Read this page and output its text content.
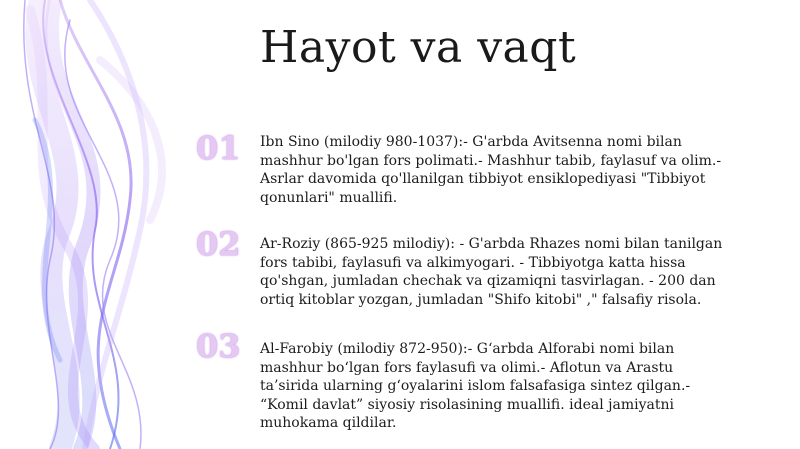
Hayot va vaqt
01	Ibn Sino (milodiy 980-1037):- G'arbda Avitsenna nomi bilan mashhur bo'lgan fors polimati.- Mashhur tabib, faylasuf va olim.- Asrlar davomida qo'llanilgan tibbiyot ensiklopediyasi "Tibbiyot qonunlari" muallifi.
02	Ar-Roziy (865-925 milodiy): - G'arbda Rhazes nomi bilan tanilgan fors tabibi, faylasufi va alkimyogari. - Tibbiyotga katta hissa qo'shgan, jumladan chechak va qizamiqni tasvirlagan. - 200 dan ortiq kitoblar yozgan, jumladan "Shifo kitobi" ," falsafiy risola.
03	Al-Farobiy (milodiy 872-950):- G‘arbda Alforabi nomi bilan mashhur bo‘lgan fors faylasufi va olimi.- Aflotun va Arastu ta’sirida ularning g‘oyalarini islom falsafasiga sintez qilgan.- “Komil davlat” siyosiy risolasining muallifi. ideal jamiyatni muhokama qildilar.
